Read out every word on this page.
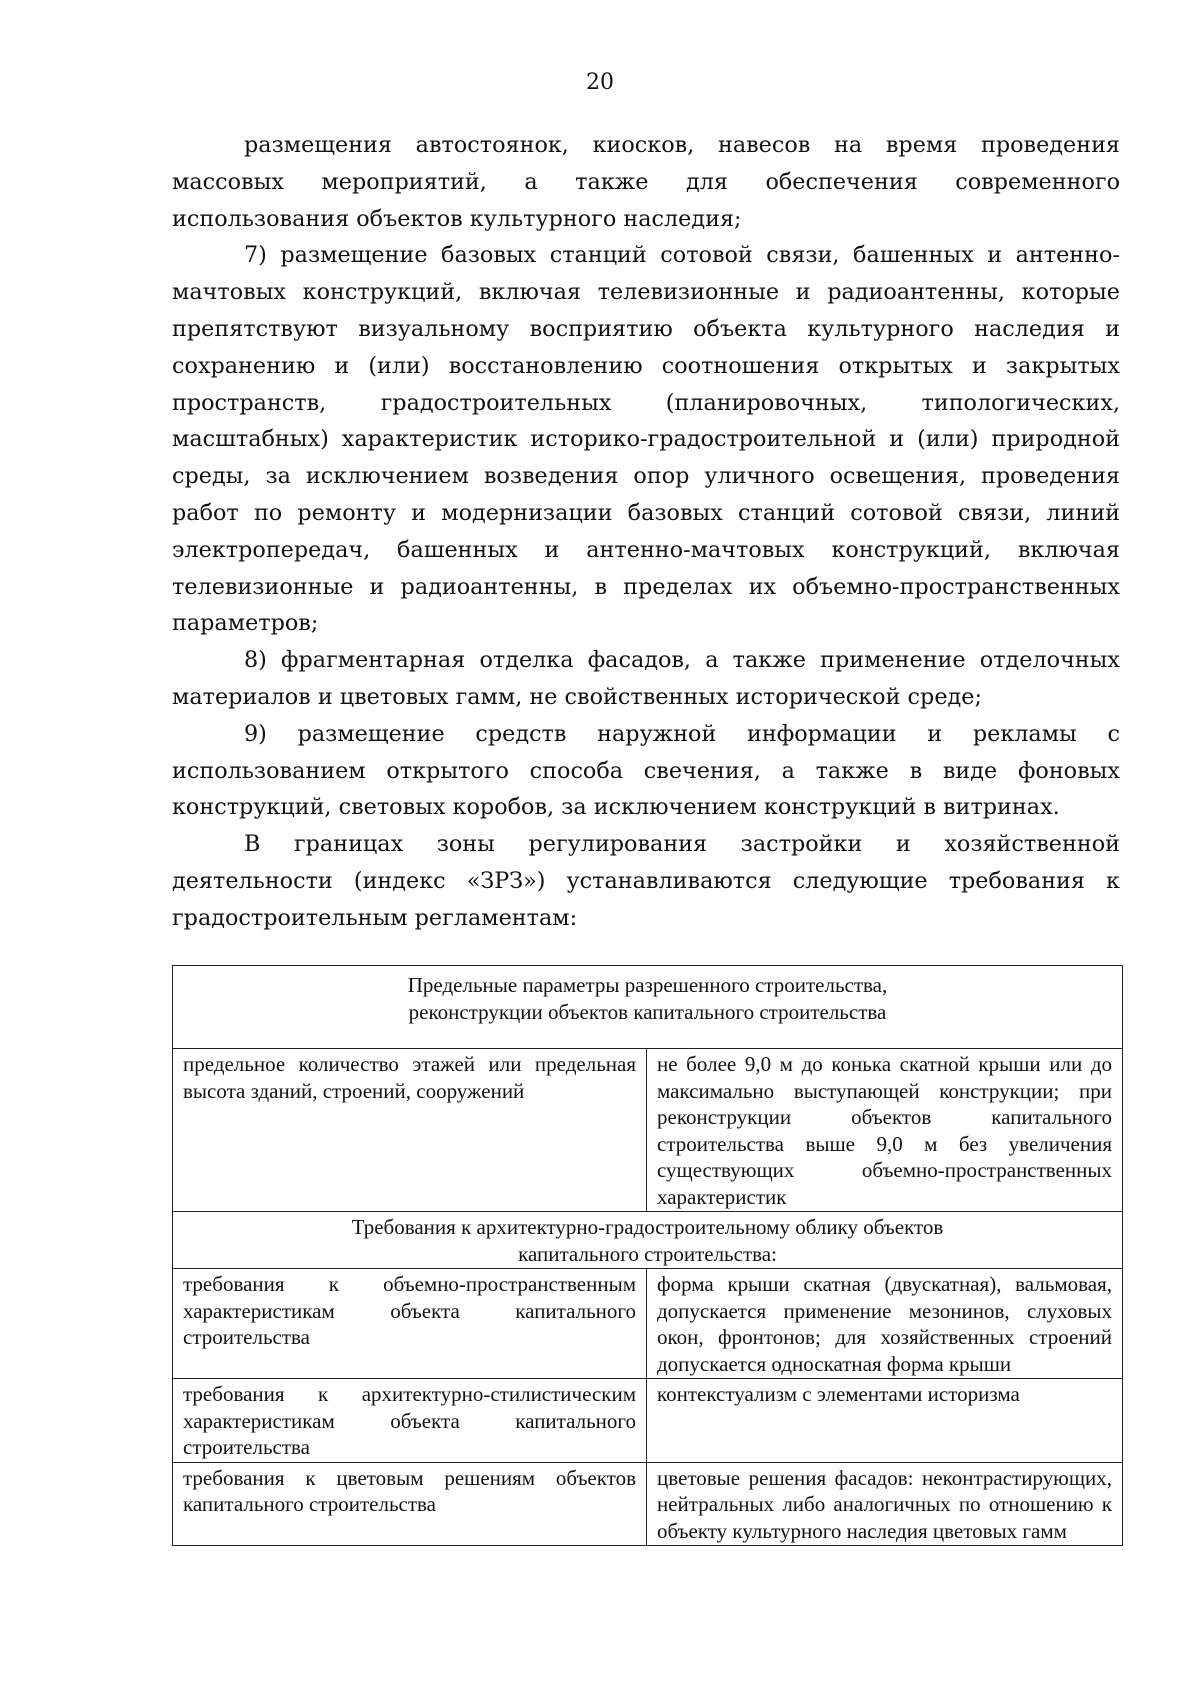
20

размещения автостоянок, киосков, навесов на время проведения массовых мероприятий, а также для обеспечения современного использования объектов культурного наследия;

7) размещение базовых станций сотовой связи, башенных и антенно-мачтовых конструкций, включая телевизионные и радиоантенны, которые препятствуют визуальному восприятию объекта культурного наследия и сохранению и (или) восстановлению соотношения открытых и закрытых пространств, градостроительных (планировочных, типологических, масштабных) характеристик историко-градостроительной и (или) природной среды, за исключением возведения опор уличного освещения, проведения работ по ремонту и модернизации базовых станций сотовой связи, линий электропередач, башенных и антенно-мачтовых конструкций, включая телевизионные и радиоантенны, в пределах их объемно-пространственных параметров;

8) фрагментарная отделка фасадов, а также применение отделочных материалов и цветовых гамм, не свойственных исторической среде;

9) размещение средств наружной информации и рекламы с использованием открытого способа свечения, а также в виде фоновых конструкций, световых коробов, за исключением конструкций в витринах.

В границах зоны регулирования застройки и хозяйственной деятельности (индекс «ЗРЗ») устанавливаются следующие требования к градостроительным регламентам:

Предельные параметры разрешенного строительства,
реконструкции объектов капитального строительства	

предельное количество этажей или предельная высота зданий, строений, сооружений	не более 9,0 м до конька скатной крыши или до максимально выступающей конструкции; при реконструкции объектов капитального строительства выше 9,0 м без увеличения существующих объемно-пространственных характеристик

Требования к архитектурно-градостроительному облику объектов
капитального строительства:	

требования к объемно-пространственным характеристикам объекта капитального строительства	форма крыши скатная (двускатная), вальмовая, допускается применение мезонинов, слуховых окон, фронтонов; для хозяйственных строений допускается односкатная форма крыши
требования к архитектурно-стилистическим характеристикам объекта капитального строительства	контекстуализм с элементами историзма
требования к цветовым решениям объектов капитального строительства	цветовые решения фасадов: неконтрастирующих, нейтральных либо аналогичных по отношению к объекту культурного наследия цветовых гамм
